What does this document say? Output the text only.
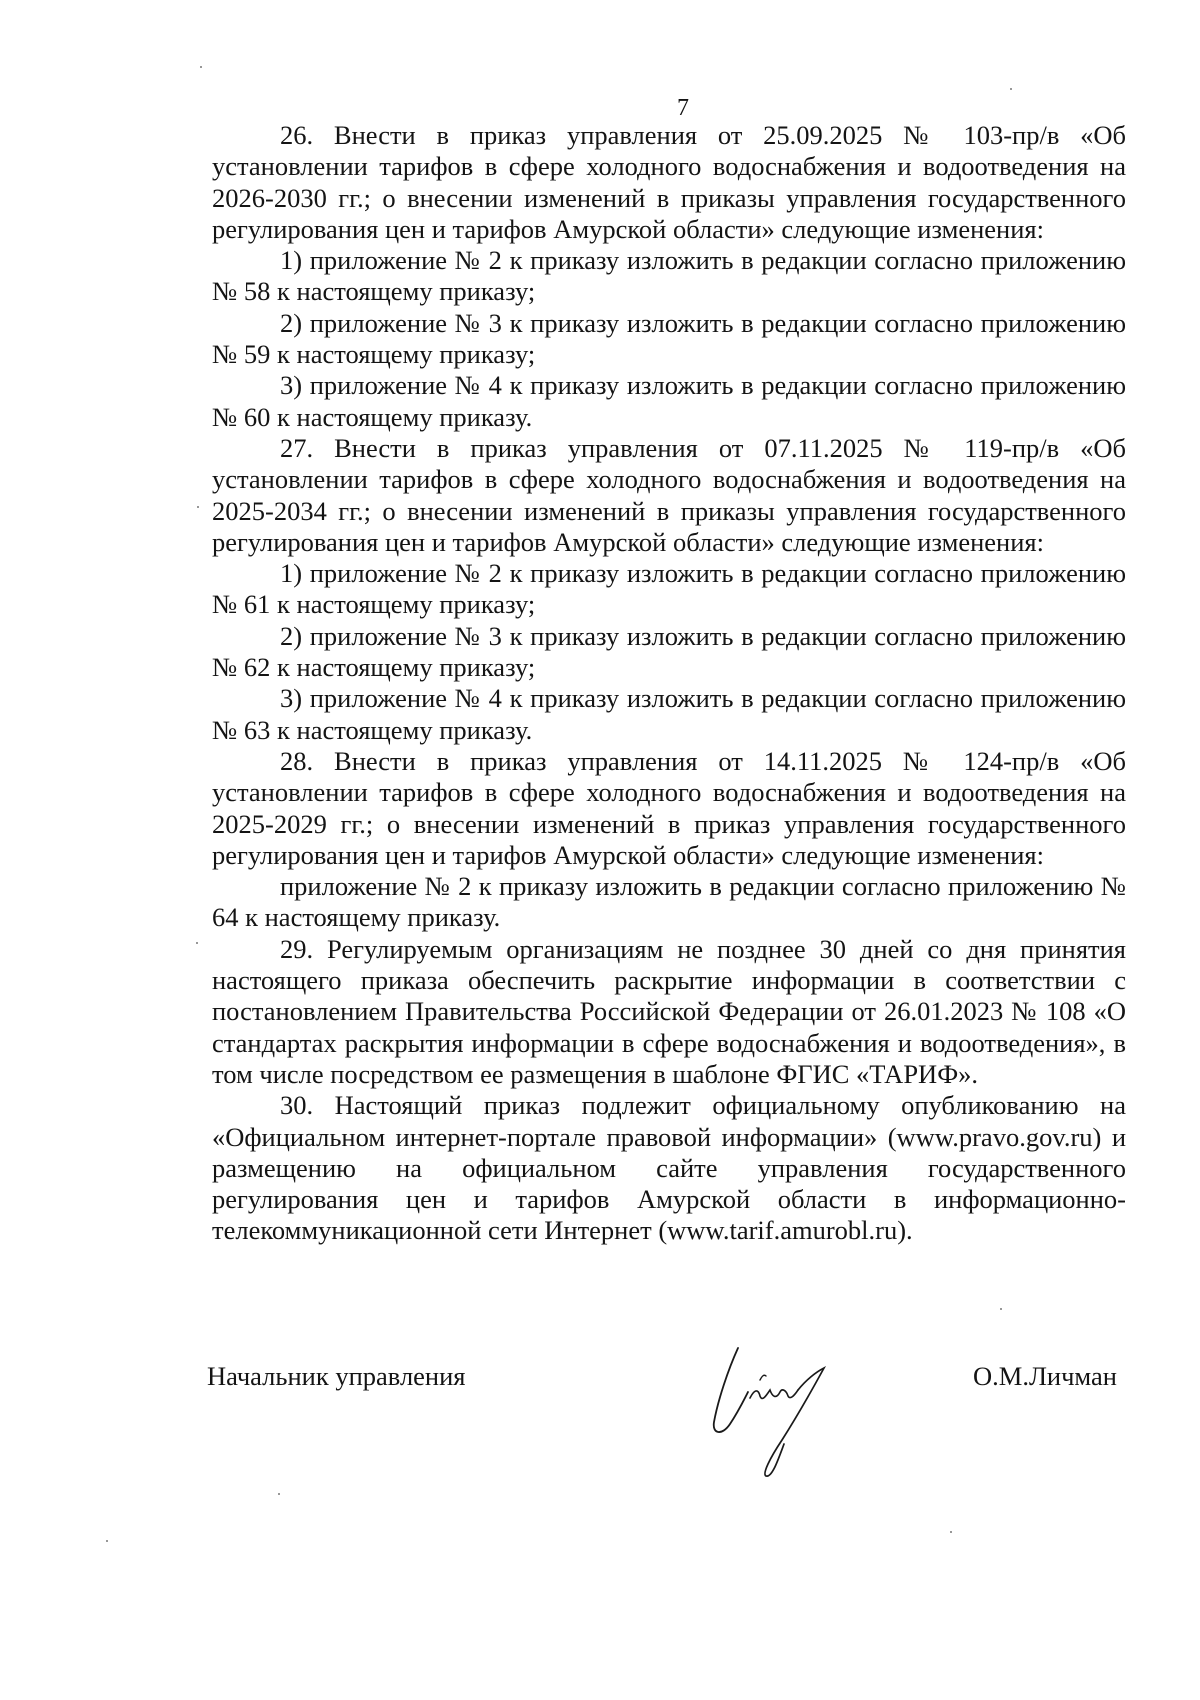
7

26. Внести в приказ управления от 25.09.2025 № 103-пр/в «Об установлении тарифов в сфере холодного водоснабжения и водоотведения на 2026-2030 гг.; о внесении изменений в приказы управления государственного регулирования цен и тарифов Амурской области» следующие изменения:

1) приложение № 2 к приказу изложить в редакции согласно приложению № 58 к настоящему приказу;

2) приложение № 3 к приказу изложить в редакции согласно приложению № 59 к настоящему приказу;

3) приложение № 4 к приказу изложить в редакции согласно приложению № 60 к настоящему приказу.

27. Внести в приказ управления от 07.11.2025 № 119-пр/в «Об установлении тарифов в сфере холодного водоснабжения и водоотведения на 2025-2034 гг.; о внесении изменений в приказы управления государственного регулирования цен и тарифов Амурской области» следующие изменения:

1) приложение № 2 к приказу изложить в редакции согласно приложению № 61 к настоящему приказу;

2) приложение № 3 к приказу изложить в редакции согласно приложению № 62 к настоящему приказу;

3) приложение № 4 к приказу изложить в редакции согласно приложению № 63 к настоящему приказу.

28. Внести в приказ управления от 14.11.2025 № 124-пр/в «Об установлении тарифов в сфере холодного водоснабжения и водоотведения на 2025-2029 гг.; о внесении изменений в приказ управления государственного регулирования цен и тарифов Амурской области» следующие изменения:

приложение № 2 к приказу изложить в редакции согласно приложению № 64 к настоящему приказу.

29. Регулируемым организациям не позднее 30 дней со дня принятия настоящего приказа обеспечить раскрытие информации в соответствии с постановлением Правительства Российской Федерации от 26.01.2023 № 108 «О стандартах раскрытия информации в сфере водоснабжения и водоотведения», в том числе посредством ее размещения в шаблоне ФГИС «ТАРИФ».

30. Настоящий приказ подлежит официальному опубликованию на «Официальном интернет-портале правовой информации» (www.pravo.gov.ru) и размещению на официальном сайте управления государственного регулирования цен и тарифов Амурской области в информационно-телекоммуникационной сети Интернет (www.tarif.amurobl.ru).

Начальник управления	О.М.Личман
